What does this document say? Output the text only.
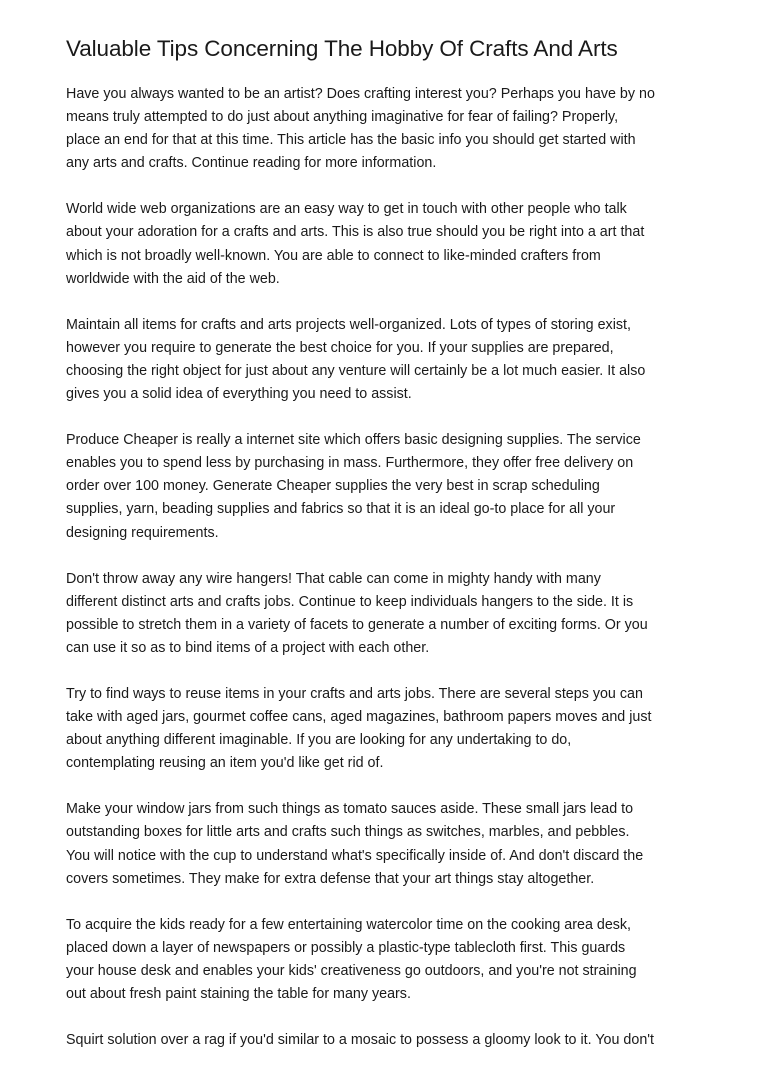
Valuable Tips Concerning The Hobby Of Crafts And Arts

Have you always wanted to be an artist? Does crafting interest you? Perhaps you have by no
means truly attempted to do just about anything imaginative for fear of failing? Properly,
place an end for that at this time. This article has the basic info you should get started with
any arts and crafts. Continue reading for more information.

World wide web organizations are an easy way to get in touch with other people who talk
about your adoration for a crafts and arts. This is also true should you be right into a art that
which is not broadly well-known. You are able to connect to like-minded crafters from
worldwide with the aid of the web.

Maintain all items for crafts and arts projects well-organized. Lots of types of storing exist,
however you require to generate the best choice for you. If your supplies are prepared,
choosing the right object for just about any venture will certainly be a lot much easier. It also
gives you a solid idea of everything you need to assist.

Produce Cheaper is really a internet site which offers basic designing supplies. The service
enables you to spend less by purchasing in mass. Furthermore, they offer free delivery on
order over 100 money. Generate Cheaper supplies the very best in scrap scheduling
supplies, yarn, beading supplies and fabrics so that it is an ideal go-to place for all your
designing requirements.

Don't throw away any wire hangers! That cable can come in mighty handy with many
different distinct arts and crafts jobs. Continue to keep individuals hangers to the side. It is
possible to stretch them in a variety of facets to generate a number of exciting forms. Or you
can use it so as to bind items of a project with each other.

Try to find ways to reuse items in your crafts and arts jobs. There are several steps you can
take with aged jars, gourmet coffee cans, aged magazines, bathroom papers moves and just
about anything different imaginable. If you are looking for any undertaking to do,
contemplating reusing an item you'd like get rid of.

Make your window jars from such things as tomato sauces aside. These small jars lead to
outstanding boxes for little arts and crafts such things as switches, marbles, and pebbles.
You will notice with the cup to understand what's specifically inside of. And don't discard the
covers sometimes. They make for extra defense that your art things stay altogether.

To acquire the kids ready for a few entertaining watercolor time on the cooking area desk,
placed down a layer of newspapers or possibly a plastic-type tablecloth first. This guards
your house desk and enables your kids' creativeness go outdoors, and you're not straining
out about fresh paint staining the table for many years.

Squirt solution over a rag if you'd similar to a mosaic to possess a gloomy look to it. You don't
